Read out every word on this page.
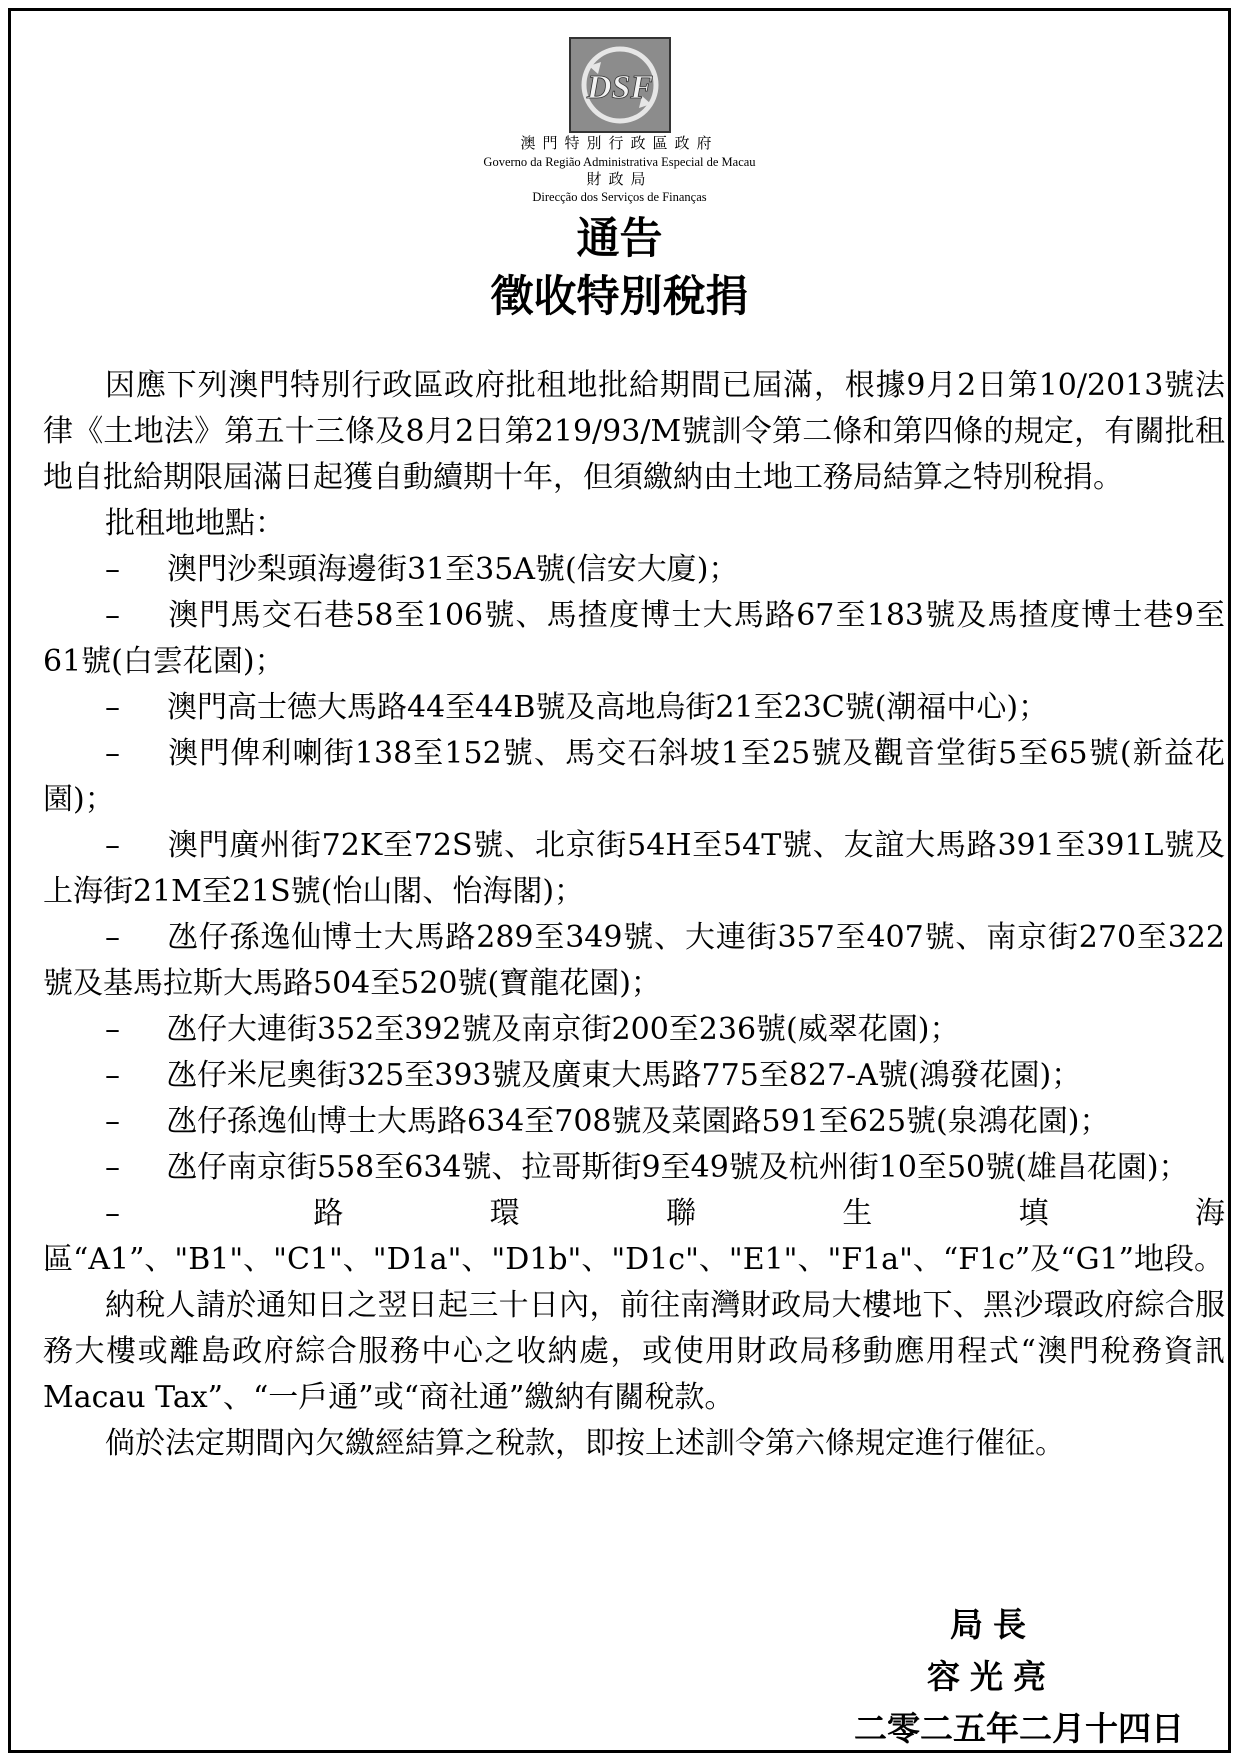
DSF
澳門特別行政區政府
Governo da Região Administrativa Especial de Macau
財政局
Direcção dos Serviços de Finanças
通告
徵收特別稅捐

因應下列澳門特別行政區政府批租地批給期間已屆滿，根據9月2日第10/2013號法律《土地法》第五十三條及8月2日第219/93/M號訓令第二條和第四條的規定，有關批租地自批給期限屆滿日起獲自動續期十年，但須繳納由土地工務局結算之特別稅捐。

批租地地點：

–	澳門沙梨頭海邊街31至35A號(信安大廈)；
– 澳門馬交石巷58至106號、馬揸度博士大馬路67至183號及馬揸度博士巷9至61號(白雲花園)；
–	澳門高士德大馬路44至44B號及高地烏街21至23C號(潮福中心)；
– 澳門俾利喇街138至152號、馬交石斜坡1至25號及觀音堂街5至65號(新益花園)；
– 澳門廣州街72K至72S號、北京街54H至54T號、友誼大馬路391至391L號及上海街21M至21S號(怡山閣、怡海閣)；
– 氹仔孫逸仙博士大馬路289至349號、大連街357至407號、南京街270至322號及基馬拉斯大馬路504至520號(寶龍花園)；
–	氹仔大連街352至392號及南京街200至236號(威翠花園)；
–	氹仔米尼奧街325至393號及廣東大馬路775至827-A號(鴻發花園)；
– 氹仔孫逸仙博士大馬路634至708號及菜園路591至625號(泉鴻花園)；
– 氹仔南京街558至634號、拉哥斯街9至49號及杭州街10至50號(雄昌花園)；
– 路環聯生填海區“A1”、"B1"、"C1"、"D1a"、"D1b"、"D1c"、"E1"、"F1a"、“F1c”及“G1”地段。

納稅人請於通知日之翌日起三十日內，前往南灣財政局大樓地下、黑沙環政府綜合服務大樓或離島政府綜合服務中心之收納處，或使用財政局移動應用程式“澳門稅務資訊 Macau Tax”、“一戶通”或“商社通”繳納有關稅款。

倘於法定期間內欠繳經結算之稅款，即按上述訓令第六條規定進行催征。

局長
容光亮
二零二五年二月十四日
